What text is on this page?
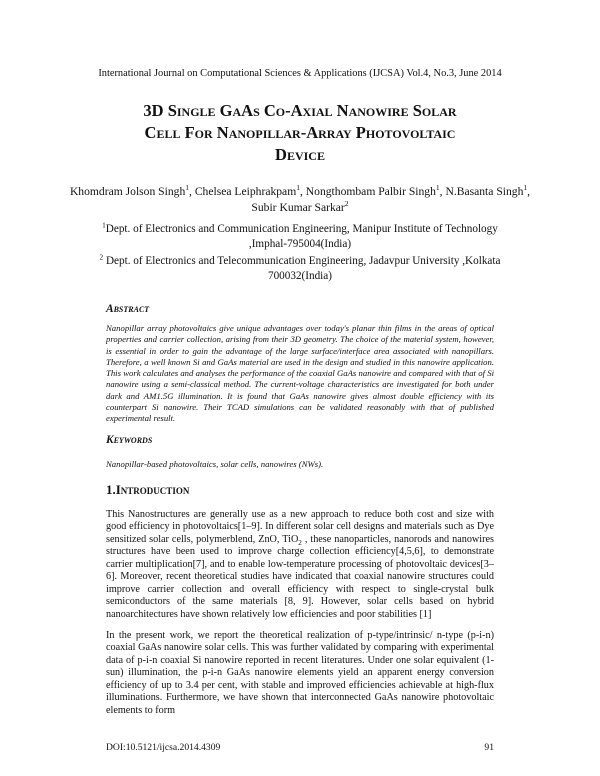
International Journal on Computational Sciences & Applications (IJCSA) Vol.4, No.3, June 2014
3D Single GaAs Co-Axial Nanowire Solar
Cell For Nanopillar-Array Photovoltaic
Device
Khomdram Jolson Singh$^1$, Chelsea Leiphrakpam$^1$, Nongthombam Palbir Singh$^1$, N.Basanta Singh$^1$, Subir Kumar Sarkar$^2$

$^1$Dept. of Electronics and Communication Engineering, Manipur Institute of Technology ,Imphal-795004(India)

$^2$ Dept. of Electronics and Telecommunication Engineering, Jadavpur University ,Kolkata 700032(India)

Abstract
Nanopillar array photovoltaics give unique advantages over today's planar thin films in the areas of optical properties and carrier collection, arising from their 3D geometry. The choice of the material system, however, is essential in order to gain the advantage of the large surface/interface area associated with nanopillars. Therefore, a well known Si and GaAs material are used in the design and studied in this nanowire application. This work calculates and analyses the performance of the coaxial GaAs nanowire and compared with that of Si nanowire using a semi-classical method. The current-voltage characteristics are investigated for both under dark and AM1.5G illumination. It is found that GaAs nanowire gives almost double efficiency with its counterpart Si nanowire. Their TCAD simulations can be validated reasonably with that of published experimental result.
Keywords
Nanopillar-based photovoltaics, solar cells, nanowires (NWs).
1.Introduction
This Nanostructures are generally use as a new approach to reduce both cost and size with good efficiency in photovoltaics[1–9]. In different solar cell designs and materials such as Dye sensitized solar cells, polymerblend, ZnO, TiO$_2$ , these nanoparticles, nanorods and nanowires structures have been used to improve charge collection efficiency[4,5,6], to demonstrate carrier multiplication[7], and to enable low-temperature processing of photovoltaic devices[3–6]. Moreover, recent theoretical studies have indicated that coaxial nanowire structures could improve carrier collection and overall efficiency with respect to single-crystal bulk semiconductors of the same materials [8, 9]. However, solar cells based on hybrid nanoarchitectures have shown relatively low efficiencies and poor stabilities [1]
In the present work, we report the theoretical realization of p-type/intrinsic/ n-type (p-i-n) coaxial GaAs nanowire solar cells. This was further validated by comparing with experimental data of p-i-n coaxial Si nanowire reported in recent literatures. Under one solar equivalent (1-sun) illumination, the p-i-n GaAs nanowire elements yield an apparent energy conversion efficiency of up to 3.4 per cent, with stable and improved efficiencies achievable at high-flux illuminations. Furthermore, we have shown that interconnected GaAs nanowire photovoltaic elements to form
DOI:10.5121/ijcsa.2014.4309	91
